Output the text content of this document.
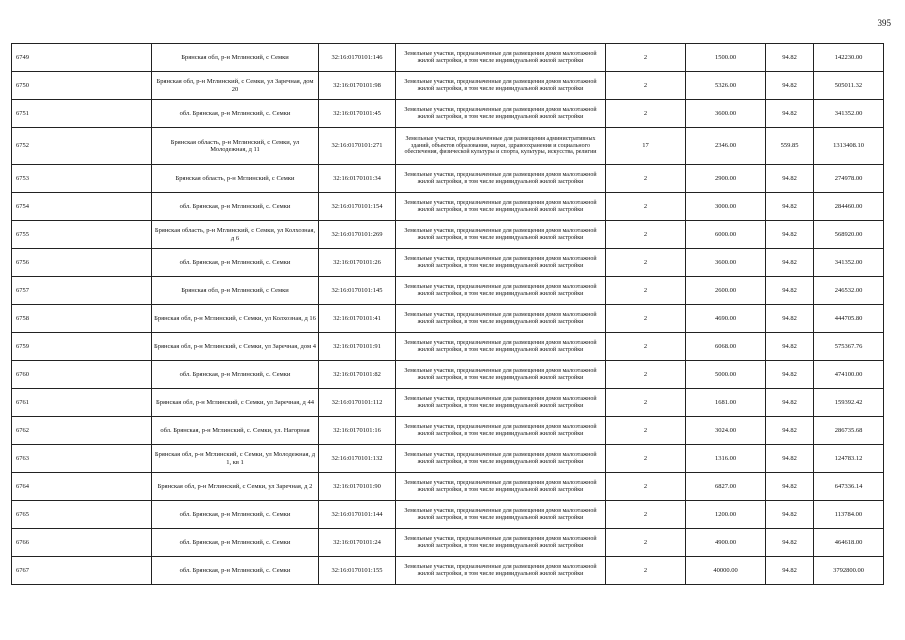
395
6749	Брянская обл, р-н Мглинский, с Семки	32:16:0170101:146	Земельные участки, предназначенные для размещения домов малоэтажной жилой застройки, в том числе индивидуальной жилой застройки	2	1500.00	94.82	142230.00
6750	Брянская обл, р-н Мглинский, с Семки, ул Заречная, дом 20	32:16:0170101:98	Земельные участки, предназначенные для размещения домов малоэтажной жилой застройки, в том числе индивидуальной жилой застройки	2	5326.00	94.82	505011.32
6751	обл. Брянская, р-н Мглинский, с. Семки	32:16:0170101:45	Земельные участки, предназначенные для размещения домов малоэтажной жилой застройки, в том числе индивидуальной жилой застройки	2	3600.00	94.82	341352.00
6752	Брянская область, р-н Мглинский, с Семки, ул Молодежная, д 11	32:16:0170101:271	Земельные участки, предназначенные для размещения административных зданий, объектов образования, науки, здравоохранения и социального обеспечения, физической культуры и спорта, культуры, искусства, религии	17	2346.00	559.85	1313408.10
6753	Брянская область, р-н Мглинский, с Семки	32:16:0170101:34	Земельные участки, предназначенные для размещения домов малоэтажной жилой застройки, в том числе индивидуальной жилой застройки	2	2900.00	94.82	274978.00
6754	обл. Брянская, р-н Мглинский, с. Семки	32:16:0170101:154	Земельные участки, предназначенные для размещения домов малоэтажной жилой застройки, в том числе индивидуальной жилой застройки	2	3000.00	94.82	284460.00
6755	Брянская область, р-н Мглинский, с Семки, ул Колхозная, д 6	32:16:0170101:269	Земельные участки, предназначенные для размещения домов малоэтажной жилой застройки, в том числе индивидуальной жилой застройки	2	6000.00	94.82	568920.00
6756	обл. Брянская, р-н Мглинский, с. Семки	32:16:0170101:26	Земельные участки, предназначенные для размещения домов малоэтажной жилой застройки, в том числе индивидуальной жилой застройки	2	3600.00	94.82	341352.00
6757	Брянская обл, р-н Мглинский, с Семки	32:16:0170101:145	Земельные участки, предназначенные для размещения домов малоэтажной жилой застройки, в том числе индивидуальной жилой застройки	2	2600.00	94.82	246532.00
6758	Брянская обл, р-н Мглинский, с Семки, ул Колхозная, д 16	32:16:0170101:41	Земельные участки, предназначенные для размещения домов малоэтажной жилой застройки, в том числе индивидуальной жилой застройки	2	4690.00	94.82	444705.80
6759	Брянская обл, р-н Мглинский, с Семки, ул Заречная, дом 4	32:16:0170101:91	Земельные участки, предназначенные для размещения домов малоэтажной жилой застройки, в том числе индивидуальной жилой застройки	2	6068.00	94.82	575367.76
6760	обл. Брянская, р-н Мглинский, с. Семки	32:16:0170101:82	Земельные участки, предназначенные для размещения домов малоэтажной жилой застройки, в том числе индивидуальной жилой застройки	2	5000.00	94.82	474100.00
6761	Брянская обл, р-н Мглинский, с Семки, ул Заречная, д 44	32:16:0170101:112	Земельные участки, предназначенные для размещения домов малоэтажной жилой застройки, в том числе индивидуальной жилой застройки	2	1681.00	94.82	159392.42
6762	обл. Брянская, р-н Мглинский, с. Семки, ул. Нагорная	32:16:0170101:16	Земельные участки, предназначенные для размещения домов малоэтажной жилой застройки, в том числе индивидуальной жилой застройки	2	3024.00	94.82	286735.68
6763	Брянская обл, р-н Мглинский, с Семки, ул Молодежная, д 1, кв 1	32:16:0170101:132	Земельные участки, предназначенные для размещения домов малоэтажной жилой застройки, в том числе индивидуальной жилой застройки	2	1316.00	94.82	124783.12
6764	Брянская обл, р-н Мглинский, с Семки, ул Заречная, д 2	32:16:0170101:90	Земельные участки, предназначенные для размещения домов малоэтажной жилой застройки, в том числе индивидуальной жилой застройки	2	6827.00	94.82	647336.14
6765	обл. Брянская, р-н Мглинский, с. Семки	32:16:0170101:144	Земельные участки, предназначенные для размещения домов малоэтажной жилой застройки, в том числе индивидуальной жилой застройки	2	1200.00	94.82	113784.00
6766	обл. Брянская, р-н Мглинский, с. Семки	32:16:0170101:24	Земельные участки, предназначенные для размещения домов малоэтажной жилой застройки, в том числе индивидуальной жилой застройки	2	4900.00	94.82	464618.00
6767	обл. Брянская, р-н Мглинский, с. Семки	32:16:0170101:155	Земельные участки, предназначенные для размещения домов малоэтажной жилой застройки, в том числе индивидуальной жилой застройки	2	40000.00	94.82	3792800.00
